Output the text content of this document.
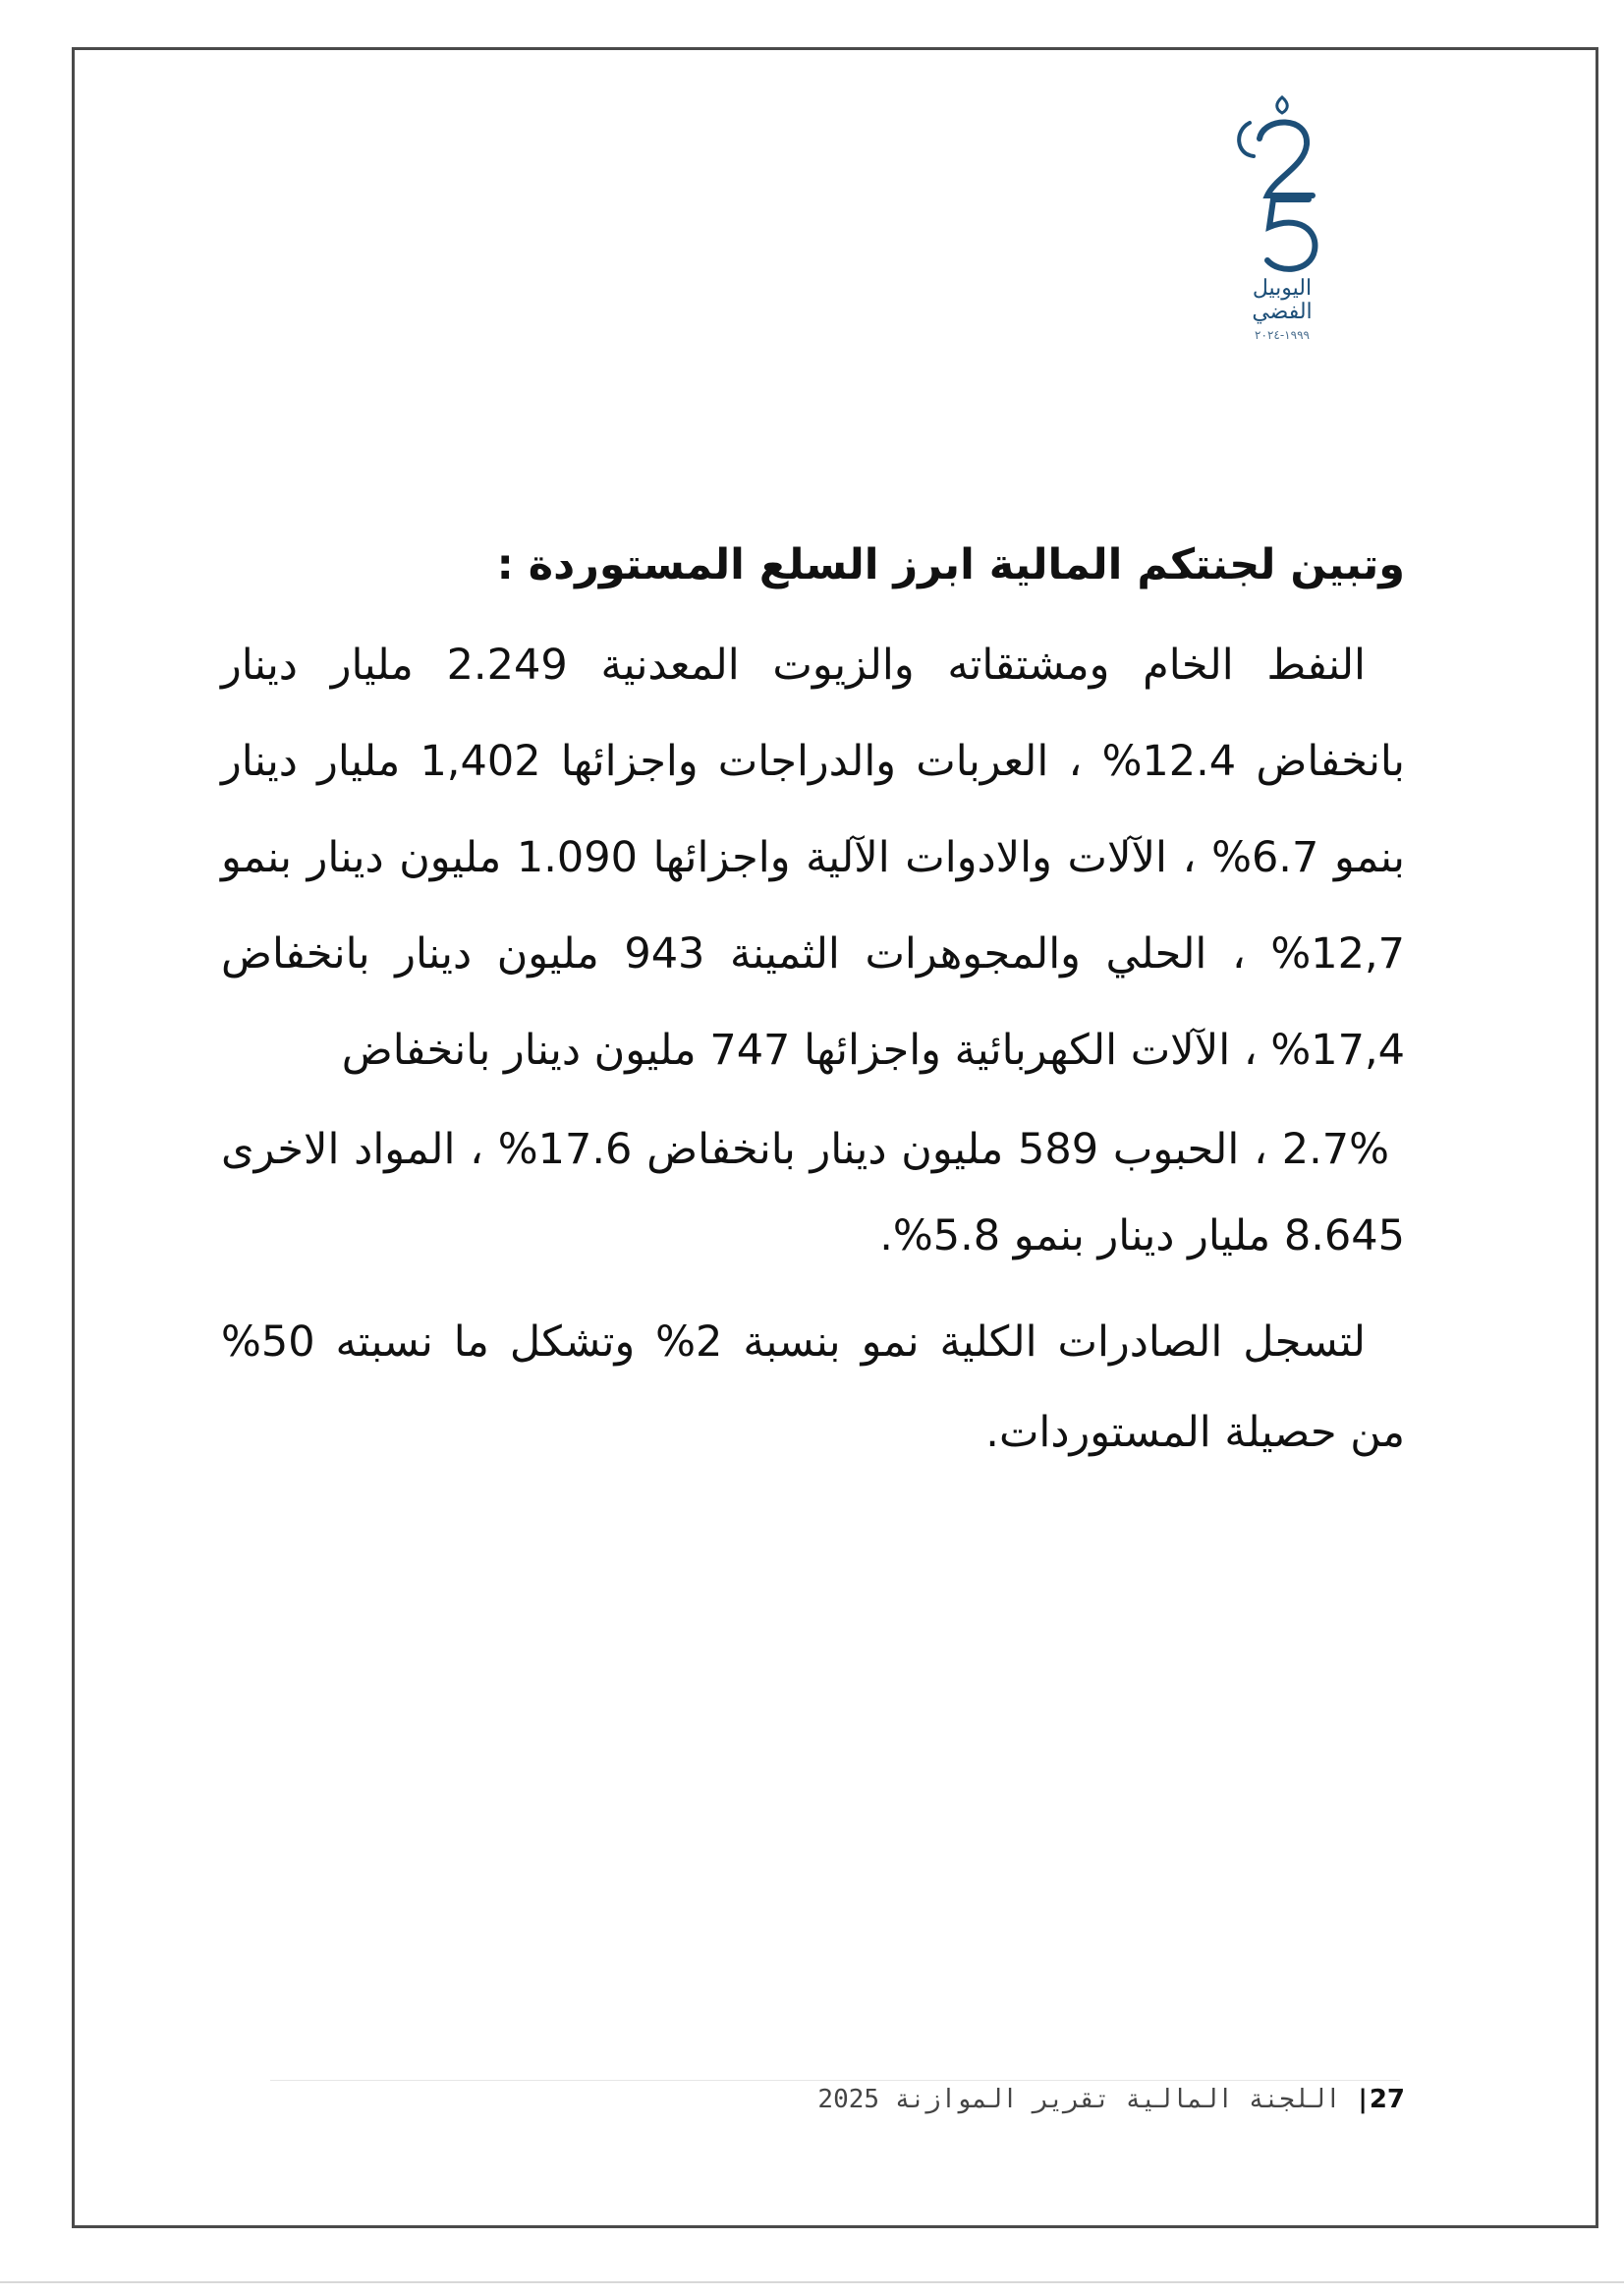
اليوبيل الفضي
١٩٩٩-٢٠٢٤
وتبين لجنتكم المالية ابرز السلع المستوردة :

النفط الخام ومشتقاته والزيوت المعدنية 2.249 مليار دينار بانخفاض 12.4% ، العربات والدراجات واجزائها 1,402 مليار دينار بنمو 6.7% ، الآلات والادوات الآلية واجزائها 1.090 مليون دينار بنمو 12,7% ، الحلي والمجوهرات الثمينة 943 مليون دينار بانخفاض 17,4% ، الآلات الكهربائية واجزائها 747 مليون دينار بانخفاض

2.7% ، الحبوب 589 مليون دينار بانخفاض 17.6% ، المواد الاخرى 8.645 مليار دينار بنمو 5.8%.

لتسجل الصادرات الكلية نمو بنسبة 2% وتشكل ما نسبته 50% من حصيلة المستوردات.

27| اللجنة المالية تقرير الموازنة 2025
